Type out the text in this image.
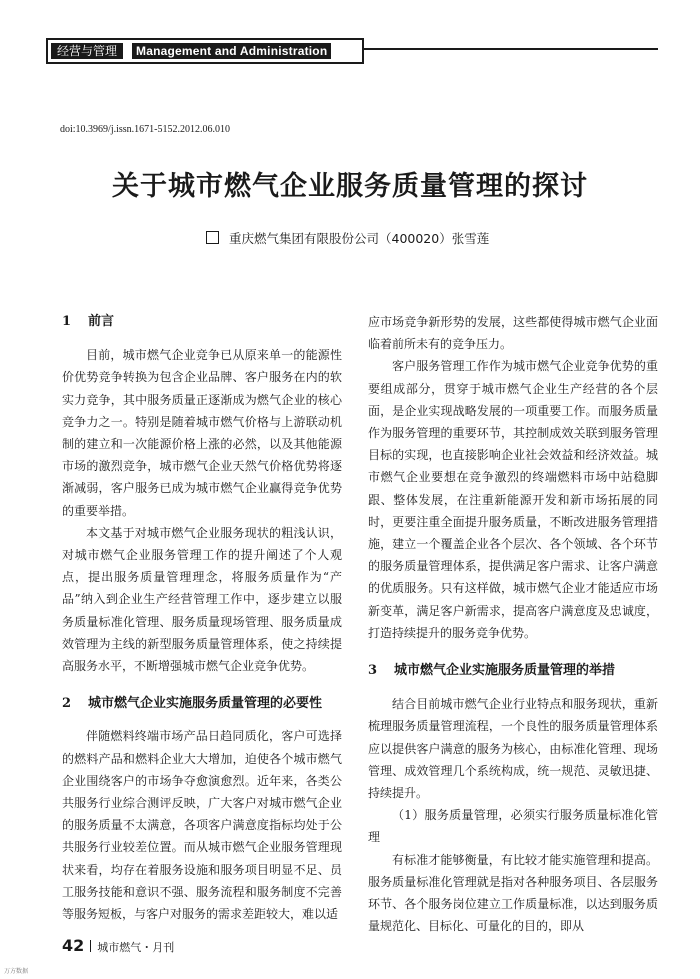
经营与管理	Management and Administration
doi:10.3969/j.issn.1671-5152.2012.06.010
关于城市燃气企业服务质量管理的探讨
重庆燃气集团有限股份公司（400020）张雪莲

1 前言

目前，城市燃气企业竞争已从原来单一的能源性价优势竞争转换为包含企业品牌、客户服务在内的软实力竞争，其中服务质量正逐渐成为燃气企业的核心竞争力之一。特别是随着城市燃气价格与上游联动机制的建立和一次能源价格上涨的必然，以及其他能源市场的激烈竞争，城市燃气企业天然气价格优势将逐渐减弱，客户服务已成为城市燃气企业赢得竞争优势的重要举措。

本文基于对城市燃气企业服务现状的粗浅认识，对城市燃气企业服务管理工作的提升阐述了个人观点，提出服务质量管理理念，将服务质量作为“产品”纳入到企业生产经营管理工作中，逐步建立以服务质量标准化管理、服务质量现场管理、服务质量成效管理为主线的新型服务质量管理体系，使之持续提高服务水平，不断增强城市燃气企业竞争优势。

2 城市燃气企业实施服务质量管理的必要性

伴随燃料终端市场产品日趋同质化，客户可选择的燃料产品和燃料企业大大增加，迫使各个城市燃气企业围绕客户的市场争夺愈演愈烈。近年来，各类公共服务行业综合测评反映，广大客户对城市燃气企业的服务质量不太满意，各项客户满意度指标均处于公共服务行业较差位置。而从城市燃气企业服务管理现状来看，均存在着服务设施和服务项目明显不足、员工服务技能和意识不强、服务流程和服务制度不完善等服务短板，与客户对服务的需求差距较大，难以适

应市场竞争新形势的发展，这些都使得城市燃气企业面临着前所未有的竞争压力。

客户服务管理工作作为城市燃气企业竞争优势的重要组成部分，贯穿于城市燃气企业生产经营的各个层面，是企业实现战略发展的一项重要工作。而服务质量作为服务管理的重要环节，其控制成效关联到服务管理目标的实现，也直接影响企业社会效益和经济效益。城市燃气企业要想在竞争激烈的终端燃料市场中站稳脚跟、整体发展，在注重新能源开发和新市场拓展的同时，更要注重全面提升服务质量，不断改进服务管理措施，建立一个覆盖企业各个层次、各个领域、各个环节的服务质量管理体系，提供满足客户需求、让客户满意的优质服务。只有这样做，城市燃气企业才能适应市场新变革，满足客户新需求，提高客户满意度及忠诚度，打造持续提升的服务竞争优势。

3 城市燃气企业实施服务质量管理的举措

结合目前城市燃气企业行业特点和服务现状，重新梳理服务质量管理流程，一个良性的服务质量管理体系应以提供客户满意的服务为核心，由标准化管理、现场管理、成效管理几个系统构成，统一规范、灵敏迅捷、持续提升。

（1）服务质量管理，必须实行服务质量标准化管理

有标准才能够衡量，有比较才能实施管理和提高。服务质量标准化管理就是指对各种服务项目、各层服务环节、各个服务岗位建立工作质量标准，以达到服务质量规范化、目标化、可量化的目的，即从

42 城市燃气・月刊
万方数据
